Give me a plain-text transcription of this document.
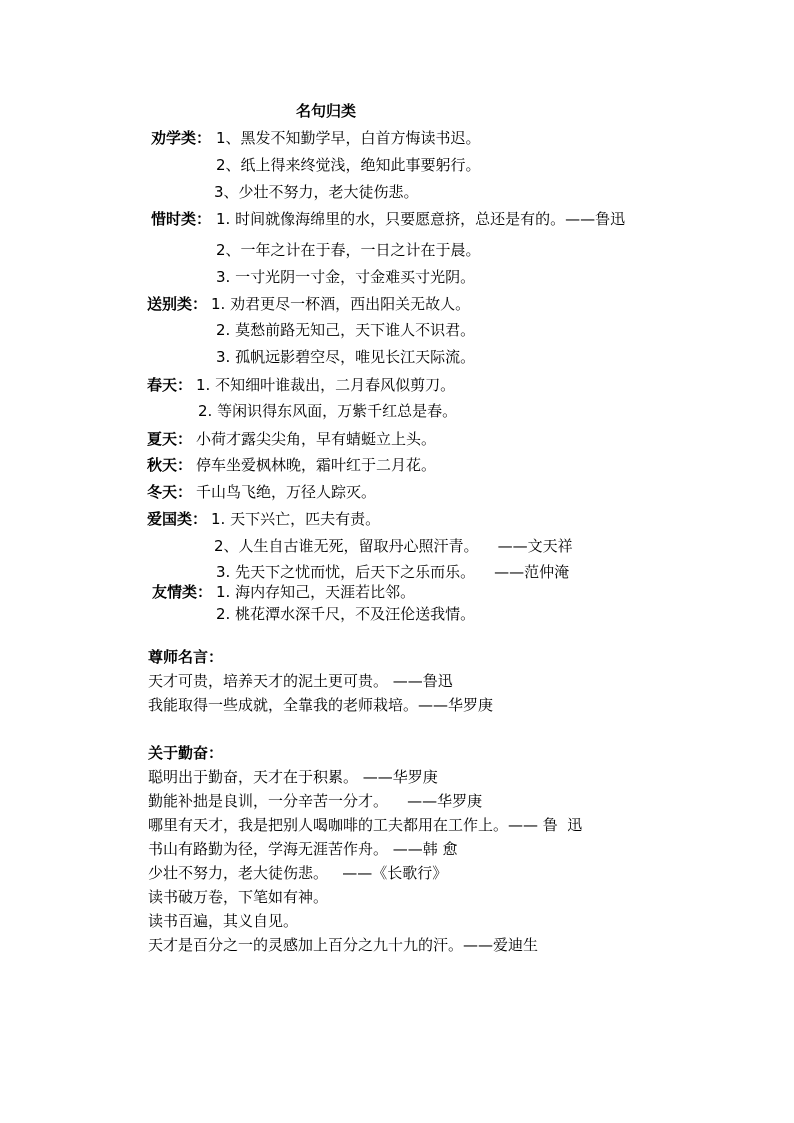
名句归类
劝学类： 1、黑发不知勤学早，白首方悔读书迟。
2、纸上得来终觉浅，绝知此事要躬行。
3、少壮不努力，老大徒伤悲。
惜时类： 1. 时间就像海绵里的水，只要愿意挤，总还是有的。——鲁迅
2、一年之计在于春，一日之计在于晨。
3. 一寸光阴一寸金，寸金难买寸光阴。
送别类： 1. 劝君更尽一杯酒，西出阳关无故人。
2. 莫愁前路无知己，天下谁人不识君。
3. 孤帆远影碧空尽，唯见长江天际流。
春天： 1. 不知细叶谁裁出，二月春风似剪刀。
2. 等闲识得东风面，万紫千红总是春。
夏天： 小荷才露尖尖角，早有蜻蜓立上头。
秋天： 停车坐爱枫林晚，霜叶红于二月花。
冬天： 千山鸟飞绝，万径人踪灭。
爱国类： 1. 天下兴亡，匹夫有责。
2、人生自古谁无死，留取丹心照汗青。    ——文天祥
3. 先天下之忧而忧，后天下之乐而乐。    ——范仲淹
友情类： 1. 海内存知己，天涯若比邻。
2. 桃花潭水深千尺，不及汪伦送我情。
尊师名言：
天才可贵，培养天才的泥土更可贵。 ——鲁迅
我能取得一些成就，全靠我的老师栽培。——华罗庚
关于勤奋：
聪明出于勤奋，天才在于积累。 ——华罗庚
勤能补拙是良训，一分辛苦一分才。    ——华罗庚
哪里有天才，我是把别人喝咖啡的工夫都用在工作上。—— 鲁  迅
书山有路勤为径，学海无涯苦作舟。 ——韩 愈
少壮不努力，老大徒伤悲。   ——《长歌行》
读书破万卷，下笔如有神。
读书百遍，其义自见。
天才是百分之一的灵感加上百分之九十九的汗。——爱迪生
